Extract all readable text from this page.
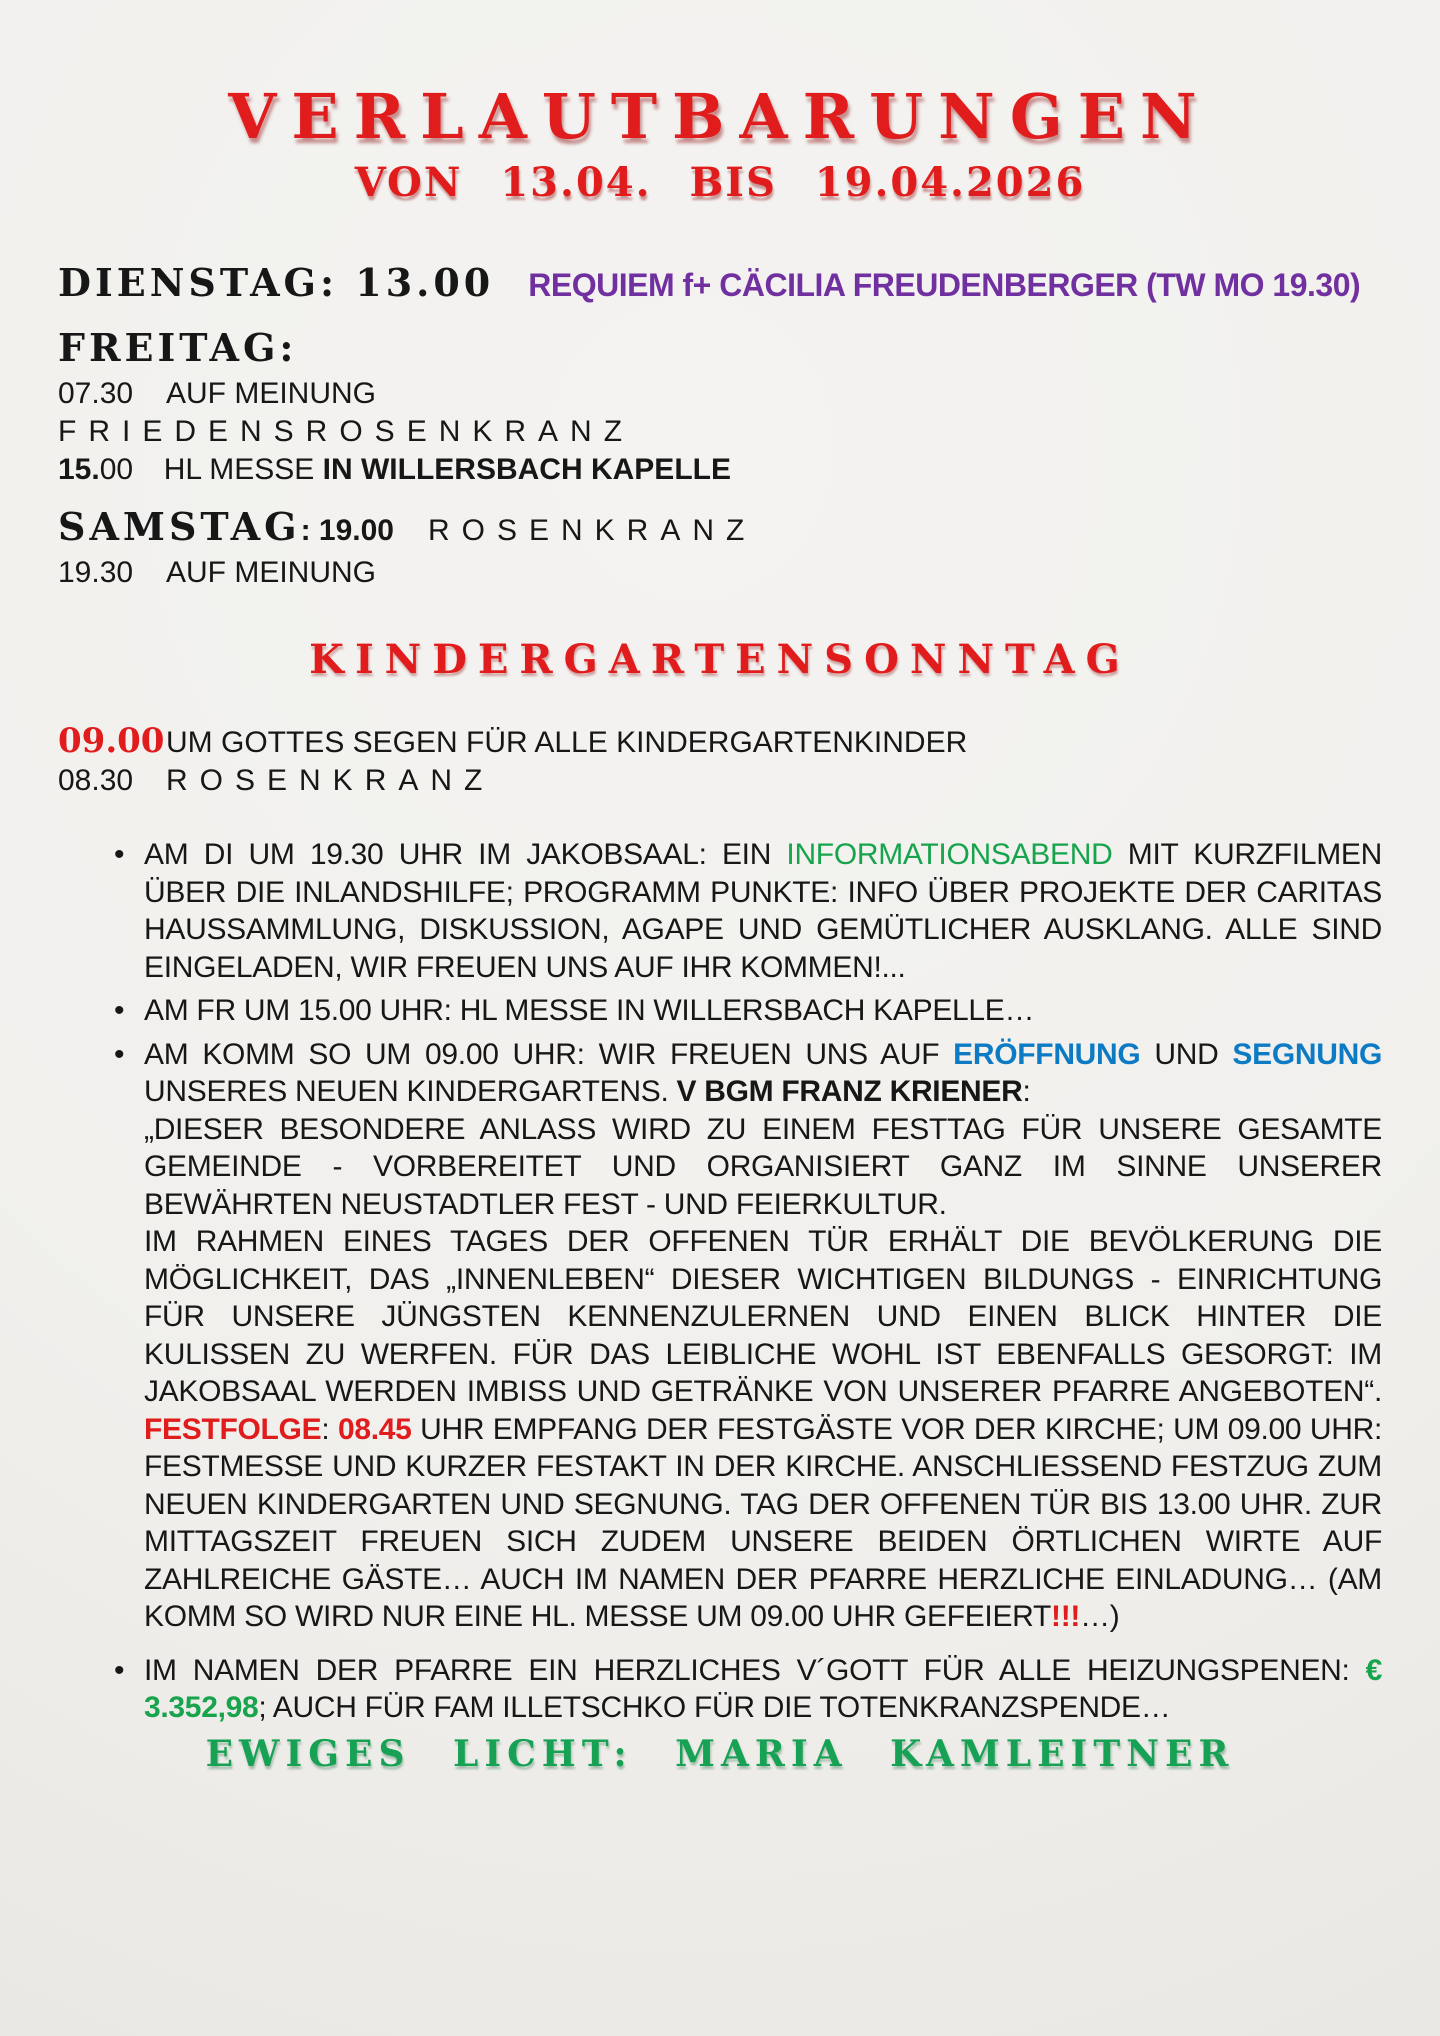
VERLAUTBARUNGEN
VON 13.04. BIS 19.04.2026
DIENSTAG: 13.00 REQUIEM f+ CÄCILIA FREUDENBERGER (TW MO 19.30)
FREITAG:
07.30 AUF MEINUNG
FRIEDENSROSENKRANZ
15.00 HL MESSE IN WILLERSBACH KAPELLE
SAMSTAG: 19.00 ROSENKRANZ
19.30 AUF MEINUNG
KINDERGARTENSONNTAG
09.00UM GOTTES SEGEN FÜR ALLE KINDERGARTENKINDER
08.30 ROSENKRANZ
• AM DI UM 19.30 UHR IM JAKOBSAAL: EIN INFORMATIONSABEND MIT KURZFILMEN ÜBER DIE INLANDSHILFE; PROGRAMM PUNKTE: INFO ÜBER PROJEKTE DER CARITAS HAUSSAMMLUNG, DISKUSSION, AGAPE UND GEMÜTLICHER AUSKLANG. ALLE SIND EINGELADEN, WIR FREUEN UNS AUF IHR KOMMEN!...
• AM FR UM 15.00 UHR: HL MESSE IN WILLERSBACH KAPELLE…
• AM KOMM SO UM 09.00 UHR: WIR FREUEN UNS AUF ERÖFFNUNG UND SEGNUNG UNSERES NEUEN KINDERGARTENS. V BGM FRANZ KRIENER:
„DIESER BESONDERE ANLASS WIRD ZU EINEM FESTTAG FÜR UNSERE GESAMTE GEMEINDE - VORBEREITET UND ORGANISIERT GANZ IM SINNE UNSERER BEWÄHRTEN NEUSTADTLER FEST - UND FEIERKULTUR.
IM RAHMEN EINES TAGES DER OFFENEN TÜR ERHÄLT DIE BEVÖLKERUNG DIE MÖGLICHKEIT, DAS „INNENLEBEN“ DIESER WICHTIGEN BILDUNGS - EINRICHTUNG FÜR UNSERE JÜNGSTEN KENNENZULERNEN UND EINEN BLICK HINTER DIE KULISSEN ZU WERFEN. FÜR DAS LEIBLICHE WOHL IST EBENFALLS GESORGT: IM JAKOBSAAL WERDEN IMBISS UND GETRÄNKE VON UNSERER PFARRE ANGEBOTEN“. FESTFOLGE: 08.45 UHR EMPFANG DER FESTGÄSTE VOR DER KIRCHE; UM 09.00 UHR: FESTMESSE UND KURZER FESTAKT IN DER KIRCHE. ANSCHLIESSEND FESTZUG ZUM NEUEN KINDERGARTEN UND SEGNUNG. TAG DER OFFENEN TÜR BIS 13.00 UHR. ZUR MITTAGSZEIT FREUEN SICH ZUDEM UNSERE BEIDEN ÖRTLICHEN WIRTE AUF ZAHLREICHE GÄSTE… AUCH IM NAMEN DER PFARRE HERZLICHE EINLADUNG… (AM KOMM SO WIRD NUR EINE HL. MESSE UM 09.00 UHR GEFEIERT!!!…)
• IM NAMEN DER PFARRE EIN HERZLICHES V´GOTT FÜR ALLE HEIZUNGSPENEN: € 3.352,98; AUCH FÜR FAM ILLETSCHKO FÜR DIE TOTENKRANZSPENDE…
EWIGES LICHT: MARIA KAMLEITNER
